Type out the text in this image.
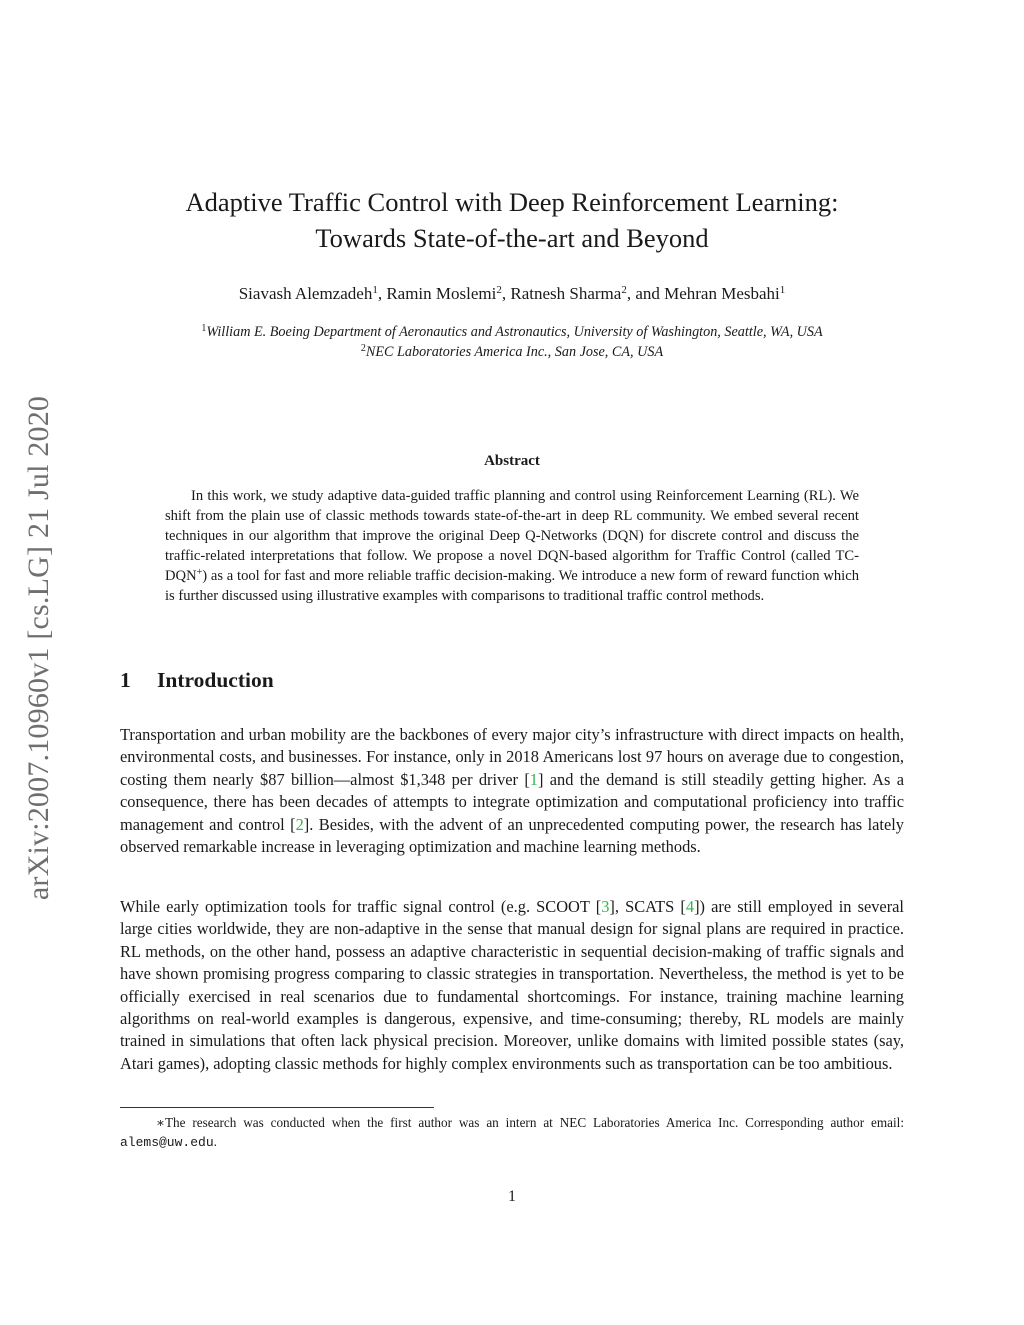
arXiv:2007.10960v1 [cs.LG] 21 Jul 2020
Adaptive Traffic Control with Deep Reinforcement Learning:
Towards State-of-the-art and Beyond
Siavash Alemzadeh$^1$, Ramin Moslemi$^2$, Ratnesh Sharma$^2$, and Mehran Mesbahi$^1$
$^1$William E. Boeing Department of Aeronautics and Astronautics, University of Washington, Seattle, WA, USA
$^2$NEC Laboratories America Inc., San Jose, CA, USA
Abstract

In this work, we study adaptive data-guided traffic planning and control using Reinforcement Learning (RL). We shift from the plain use of classic methods towards state-of-the-art in deep RL community. We embed several recent techniques in our algorithm that improve the original Deep Q-Networks (DQN) for discrete control and discuss the traffic-related interpretations that follow. We propose a novel DQN-based algorithm for Traffic Control (called TC-DQN+) as a tool for fast and more reliable traffic decision-making. We introduce a new form of reward function which is further discussed using illustrative examples with comparisons to traditional traffic control methods.

1 Introduction

Transportation and urban mobility are the backbones of every major city’s infrastructure with direct impacts on health, environmental costs, and businesses. For instance, only in 2018 Americans lost 97 hours on average due to congestion, costing them nearly $87 billion—almost $1,348 per driver [1] and the demand is still steadily getting higher. As a consequence, there has been decades of attempts to integrate optimization and computational proficiency into traffic management and control [2]. Besides, with the advent of an unprecedented computing power, the research has lately observed remarkable increase in leveraging optimization and machine learning methods.

While early optimization tools for traffic signal control (e.g. SCOOT [3], SCATS [4]) are still employed in several large cities worldwide, they are non-adaptive in the sense that manual design for signal plans are required in practice. RL methods, on the other hand, possess an adaptive characteristic in sequential decision-making of traffic signals and have shown promising progress comparing to classic strategies in transportation. Nevertheless, the method is yet to be officially exercised in real scenarios due to fundamental shortcomings. For instance, training machine learning algorithms on real-world examples is dangerous, expensive, and time-consuming; thereby, RL models are mainly trained in simulations that often lack physical precision. Moreover, unlike domains with limited possible states (say, Atari games), adopting classic methods for highly complex environments such as transportation can be too ambitious.

∗The research was conducted when the first author was an intern at NEC Laboratories America Inc. Corresponding author email: alems@uw.edu.

1
